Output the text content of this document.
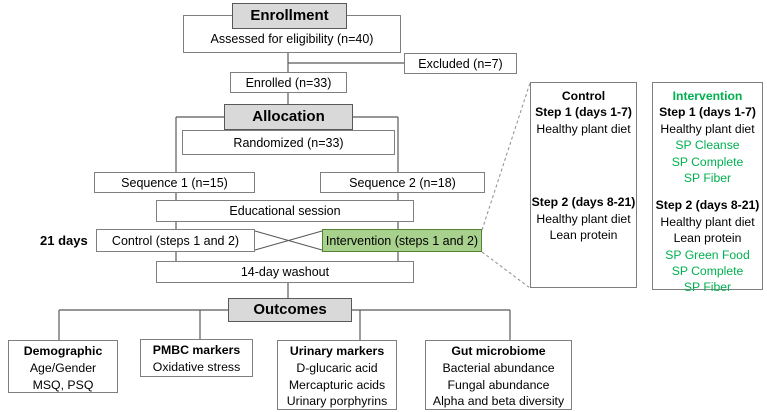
Assessed for eligibility (n=40)
Enrollment
Excluded (n=7)
Enrolled (n=33)
Randomized (n=33)
Allocation
Sequence 1 (n=15)	Sequence 2 (n=18)
Educational session
21 days Control (steps 1 and 2)	Intervention (steps 1 and 2)
14-day washout
Outcomes
Demographic
Age/Gender
MSQ, PSQ
PMBC markers
Oxidative stress
Urinary markers
D-glucaric acid
Mercapturic acids
Urinary porphyrins
Gut microbiome
Bacterial abundance
Fungal abundance
Alpha and beta diversity
Control
Step 1 (days 1-7)
Healthy plant diet
Step 2 (days 8-21)
Healthy plant diet
Lean protein
Intervention
Step 1 (days 1-7)
Healthy plant diet
SP Cleanse
SP Complete
SP Fiber
Step 2 (days 8-21)
Healthy plant diet
Lean protein
SP Green Food
SP Complete
SP Fiber
